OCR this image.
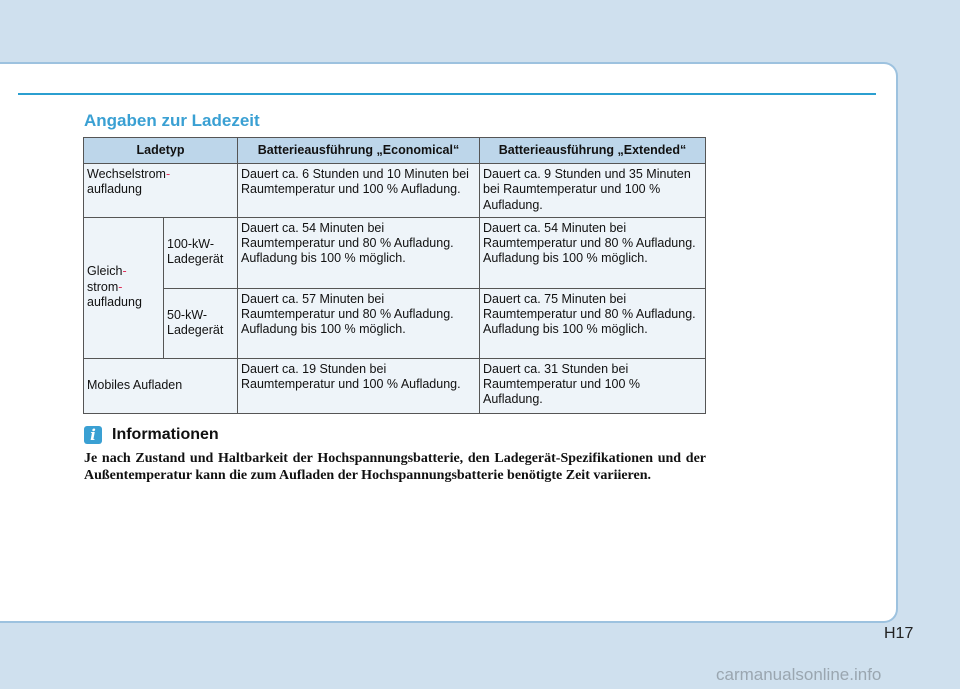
Angaben zur Ladezeit
Ladetyp		Batterieausführung „Economical“	Batterieausführung „Extended“
Wechselstrom-
aufladung		Dauert ca. 6 Stunden und 10 Minuten bei Raumtemperatur und 100 % Aufladung.	Dauert ca. 9 Stunden und 35 Minuten bei Raumtemperatur und 100 % Aufladung.
Gleich-
strom-
aufladung	100-kW-Ladegerät	Dauert ca. 54 Minuten bei Raumtemperatur und 80 % Aufladung. Aufladung bis 100 % möglich.	Dauert ca. 54 Minuten bei Raumtemperatur und 80 % Aufladung. Aufladung bis 100 % möglich.
	50-kW-Ladegerät	Dauert ca. 57 Minuten bei Raumtemperatur und 80 % Aufladung. Aufladung bis 100 % möglich.	Dauert ca. 75 Minuten bei Raumtemperatur und 80 % Aufladung. Aufladung bis 100 % möglich.
Mobiles Aufladen		Dauert ca. 19 Stunden bei Raumtemperatur und 100 % Aufladung.	Dauert ca. 31 Stunden bei Raumtemperatur und 100 % Aufladung.
i	Informationen

Je nach Zustand und Haltbarkeit der Hochspannungsbatterie, den Ladegerät-Spezifikationen und der Außentemperatur kann die zum Aufladen der Hochspannungsbatterie benötigte Zeit variieren.

H17
carmanualsonline.info
